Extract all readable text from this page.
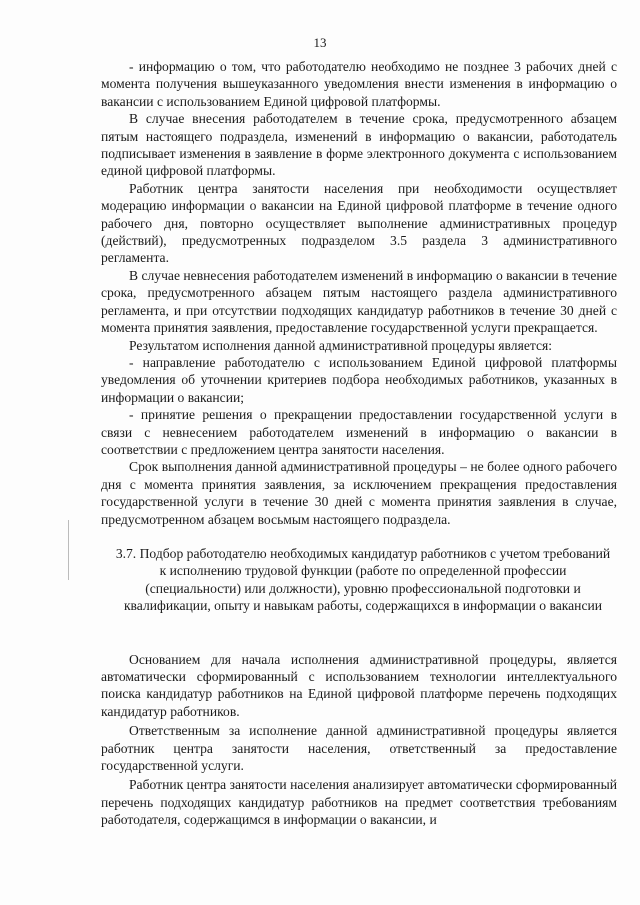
13

- информацию о том, что работодателю необходимо не позднее 3 рабочих дней с момента получения вышеуказанного уведомления внести изменения в информацию о вакансии с использованием Единой цифровой платформы.

В случае внесения работодателем в течение срока, предусмотренного абзацем пятым настоящего подраздела, изменений в информацию о вакансии, работодатель подписывает изменения в заявление в форме электронного документа с использованием единой цифровой платформы.

Работник центра занятости населения при необходимости осуществляет модерацию информации о вакансии на Единой цифровой платформе в течение одного рабочего дня, повторно осуществляет выполнение административных процедур (действий), предусмотренных подразделом 3.5 раздела 3 административного регламента.

В случае невнесения работодателем изменений в информацию о вакансии в течение срока, предусмотренного абзацем пятым настоящего раздела административного регламента, и при отсутствии подходящих кандидатур работников в течение 30 дней с момента принятия заявления, предоставление государственной услуги прекращается.

Результатом исполнения данной административной процедуры является:

- направление работодателю с использованием Единой цифровой платформы уведомления об уточнении критериев подбора необходимых работников, указанных в информации о вакансии;

- принятие решения о прекращении предоставлении государственной услуги в связи с невнесением работодателем изменений в информацию о вакансии в соответствии с предложением центра занятости населения.

Срок выполнения данной административной процедуры – не более одного рабочего дня с момента принятия заявления, за исключением прекращения предоставления государственной услуги в течение 30 дней с момента принятия заявления в случае, предусмотренном абзацем восьмым настоящего подраздела.

3.7. Подбор работодателю необходимых кандидатур работников с учетом требований к исполнению трудовой функции (работе по определенной профессии (специальности) или должности), уровню профессиональной подготовки и квалификации, опыту и навыкам работы, содержащихся в информации о вакансии

Основанием для начала исполнения административной процедуры, является автоматически сформированный с использованием технологии интеллектуального поиска кандидатур работников на Единой цифровой платформе перечень подходящих кандидатур работников.

Ответственным за исполнение данной административной процедуры является работник центра занятости населения, ответственный за предоставление государственной услуги.

Работник центра занятости населения анализирует автоматически сформированный перечень подходящих кандидатур работников на предмет соответствия требованиям работодателя, содержащимся в информации о вакансии, и
